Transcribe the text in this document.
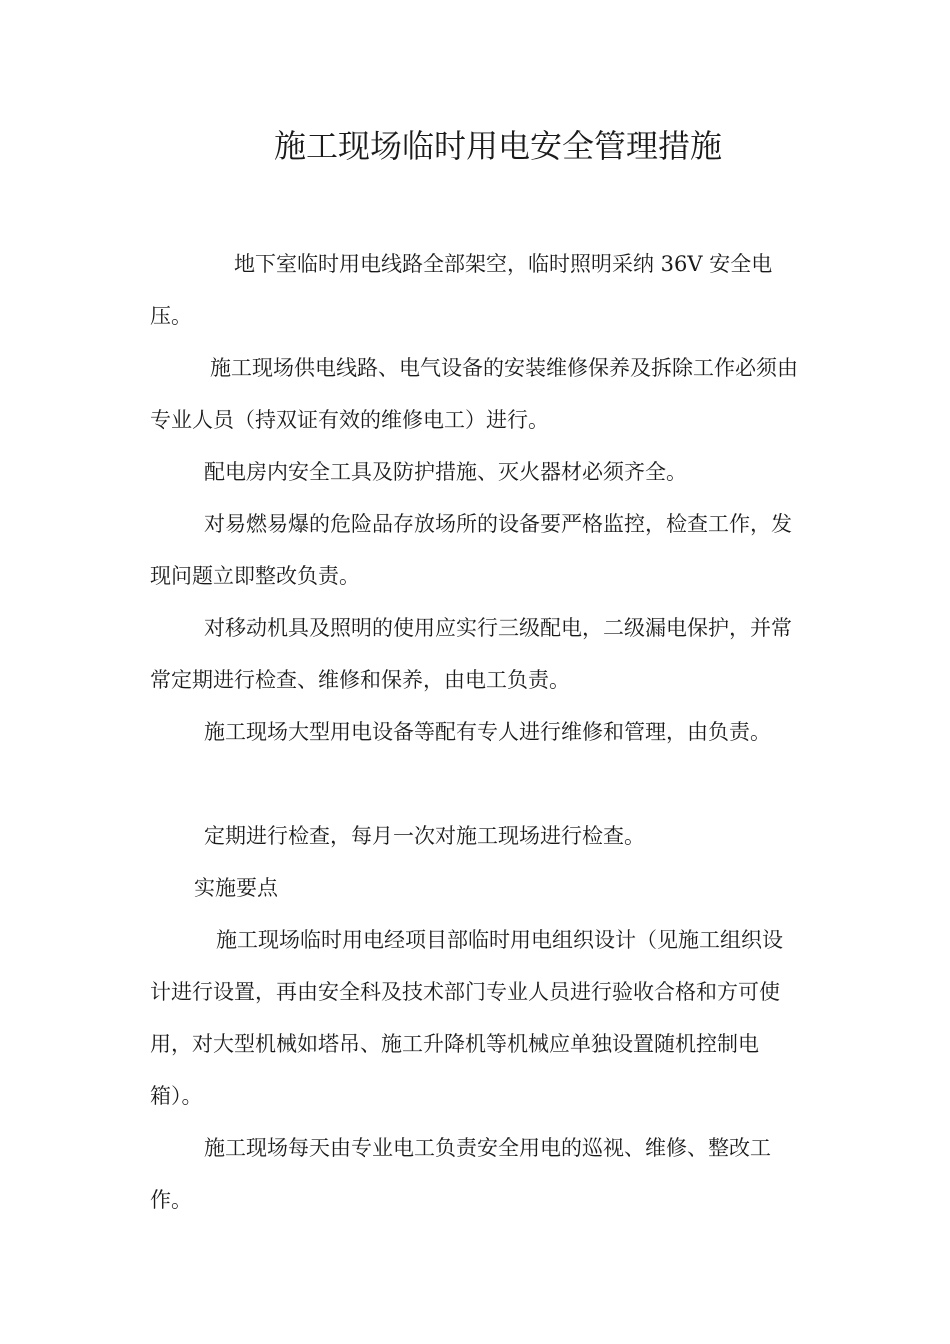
施工现场临时用电安全管理措施

地下室临时用电线路全部架空，临时照明采纳 36V 安全电压。

施工现场供电线路、电气设备的安装维修保养及拆除工作必须由专业人员（持双证有效的维修电工）进行。

配电房内安全工具及防护措施、灭火器材必须齐全。

对易燃易爆的危险品存放场所的设备要严格监控，检查工作，发现问题立即整改负责。

对移动机具及照明的使用应实行三级配电，二级漏电保护，并常常定期进行检查、维修和保养，由电工负责。

施工现场大型用电设备等配有专人进行维修和管理，由负责。

定期进行检查，每月一次对施工现场进行检查。

实施要点

施工现场临时用电经项目部临时用电组织设计（见施工组织设计进行设置，再由安全科及技术部门专业人员进行验收合格和方可使用，对大型机械如塔吊、施工升降机等机械应单独设置随机控制电箱）。

施工现场每天由专业电工负责安全用电的巡视、维修、整改工作。
